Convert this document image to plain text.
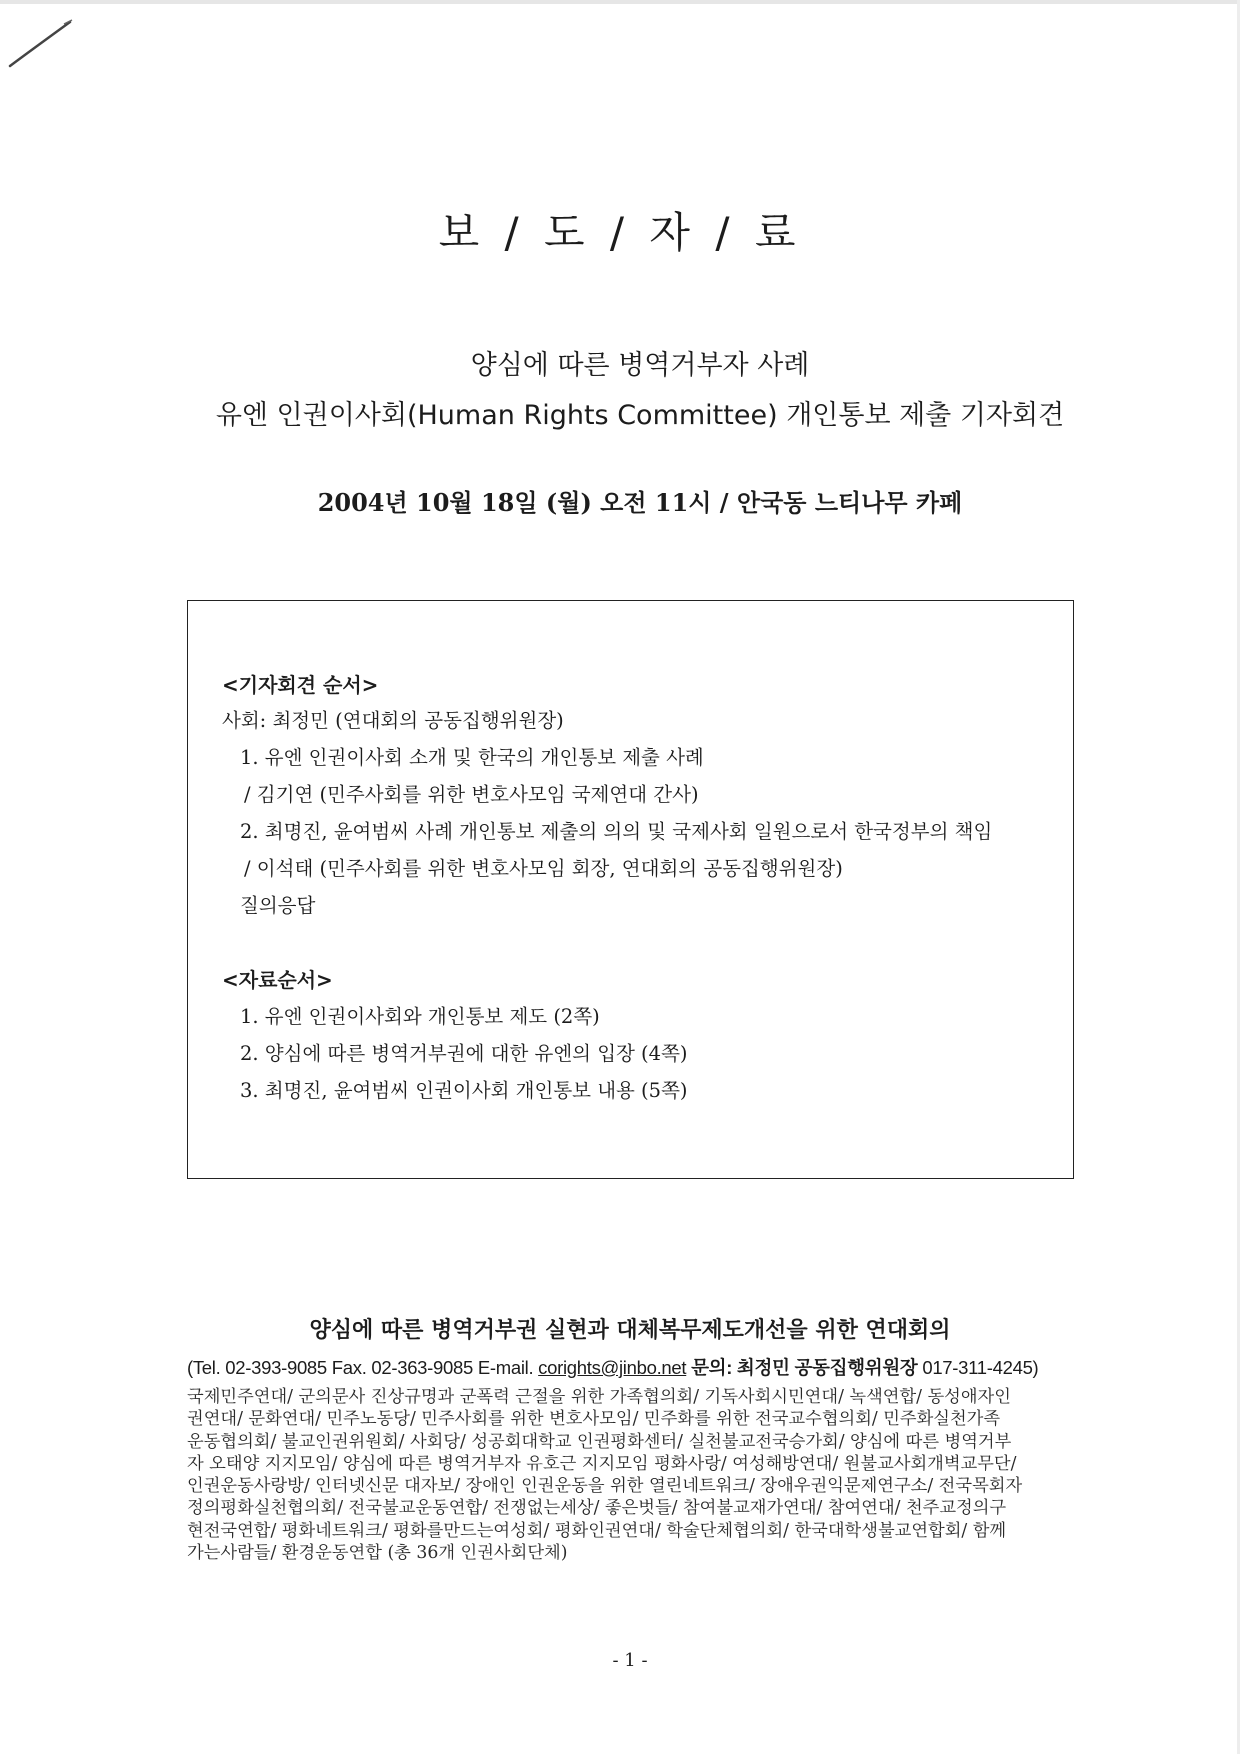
보 / 도 / 자 / 료
양심에 따른 병역거부자 사례
유엔 인권이사회(Human Rights Committee) 개인통보 제출 기자회견
2004년 10월 18일 (월) 오전 11시 / 안국동 느티나무 카페
<기자회견 순서>
사회: 최정민 (연대회의 공동집행위원장)
1. 유엔 인권이사회 소개 및 한국의 개인통보 제출 사례
/ 김기연 (민주사회를 위한 변호사모임 국제연대 간사)
2. 최명진, 윤여범씨 사례 개인통보 제출의 의의 및 국제사회 일원으로서 한국정부의 책임
/ 이석태 (민주사회를 위한 변호사모임 회장, 연대회의 공동집행위원장)
질의응답
<자료순서>
1. 유엔 인권이사회와 개인통보 제도 (2쪽)
2. 양심에 따른 병역거부권에 대한 유엔의 입장 (4쪽)
3. 최명진, 윤여범씨 인권이사회 개인통보 내용 (5쪽)
양심에 따른 병역거부권 실현과 대체복무제도개선을 위한 연대회의
(Tel. 02-393-9085 Fax. 02-363-9085 E-mail. corights@jinbo.net 문의: 최정민 공동집행위원장 017-311-4245)
국제민주연대/ 군의문사 진상규명과 군폭력 근절을 위한 가족협의회/ 기독사회시민연대/ 녹색연합/ 동성애자인
권연대/ 문화연대/ 민주노동당/ 민주사회를 위한 변호사모임/ 민주화를 위한 전국교수협의회/ 민주화실천가족
운동협의회/ 불교인권위원회/ 사회당/ 성공회대학교 인권평화센터/ 실천불교전국승가회/ 양심에 따른 병역거부
자 오태양 지지모임/ 양심에 따른 병역거부자 유호근 지지모임 평화사랑/ 여성해방연대/ 원불교사회개벽교무단/
인권운동사랑방/ 인터넷신문 대자보/ 장애인 인권운동을 위한 열린네트워크/ 장애우권익문제연구소/ 전국목회자
정의평화실천협의회/ 전국불교운동연합/ 전쟁없는세상/ 좋은벗들/ 참여불교재가연대/ 참여연대/ 천주교정의구
현전국연합/ 평화네트워크/ 평화를만드는여성회/ 평화인권연대/ 학술단체협의회/ 한국대학생불교연합회/ 함께
가는사람들/ 환경운동연합 (총 36개 인권사회단체)
- 1 -
